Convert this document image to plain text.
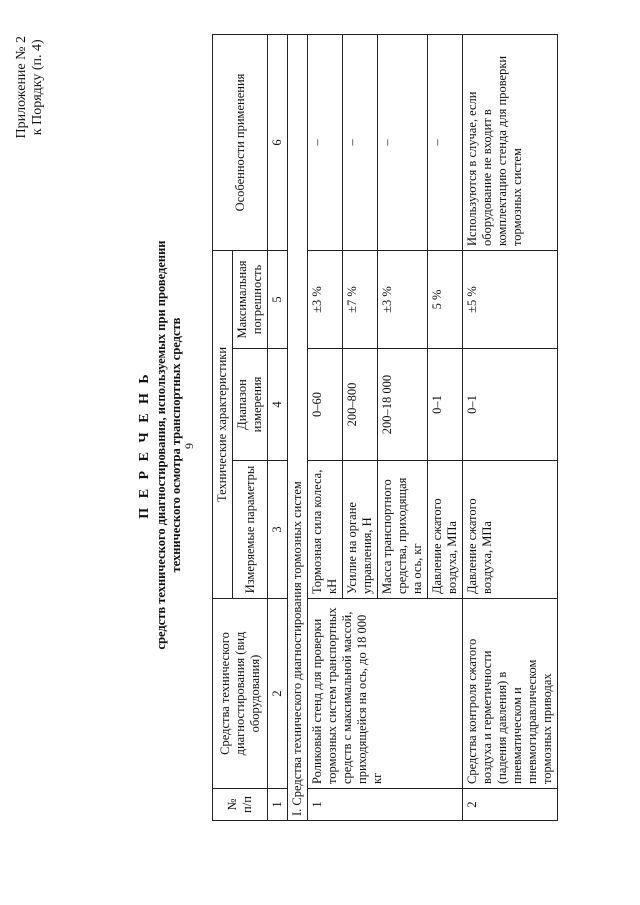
9
Приложение № 2 к Порядку (п. 4)
П Е Р Е Ч Е Н Ь средств технического диагностирования, используемых при проведении технического осмотра транспортных средств
№ п/п	Средства технического диагностирования (вид оборудования)	Технические характеристики			Особенности применения
		Измеряемые параметры	Диапазон измерения	Максимальная погрешность	
1	2	3	4	5	6
I. Средства технического диагностирования тормозных систем					
1	Роликовый стенд для проверки тормозных систем транспортных средств с максимальной массой, приходящейся на ось, до 18 000 кг	Тормозная сила колеса, кН	0–60	±3 %	–
		Усилие на органе управления, Н	200–800	±7 %	–
		Масса транспортного средства, приходящая на ось, кг	200–18 000	±3 %	–
		Давление сжатого воздуха, МПа	0–1	5 %	–
2	Средства контроля сжатого воздуха и герметичности (падения давления) в пневматическом и пневмогидравлическом тормозных приводах	Давление сжатого воздуха, МПа	0–1	±5 %	Используются в случае, если оборудование не входит в комплектацию стенда для проверки тормозных систем
